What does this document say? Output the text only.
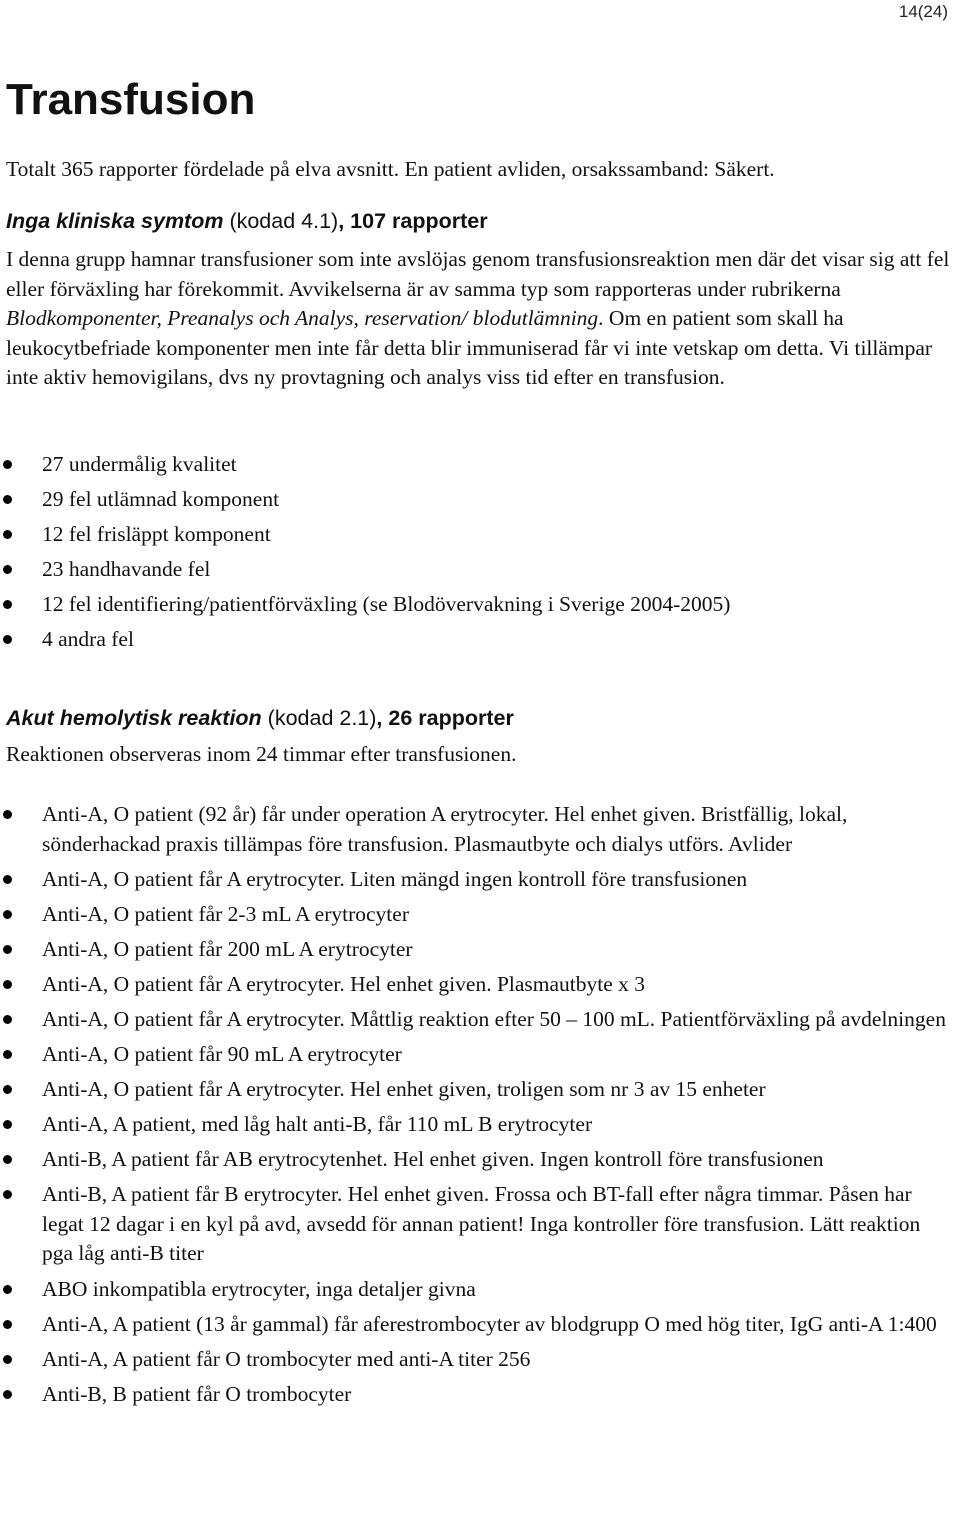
14(24)
Transfusion

Totalt 365 rapporter fördelade på elva avsnitt. En patient avliden, orsakssamband: Säkert.

Inga kliniska symtom (kodad 4.1), 107 rapporter

I denna grupp hamnar transfusioner som inte avslöjas genom transfusionsreaktion men där det visar sig att fel eller förväxling har förekommit. Avvikelserna är av samma typ som rapporteras under rubrikerna Blodkomponenter, Preanalys och Analys, reservation/ blodutlämning. Om en patient som skall ha leukocytbefriade komponenter men inte får detta blir immuniserad får vi inte vetskap om detta. Vi tillämpar inte aktiv hemovigilans, dvs ny provtagning och analys viss tid efter en transfusion.

27 undermålig kvalitet
29 fel utlämnad komponent
12 fel frisläppt komponent
23 handhavande fel
12 fel identifiering/patientförväxling (se Blodövervakning i Sverige 2004-2005)
4 andra fel
Akut hemolytisk reaktion (kodad 2.1), 26 rapporter

Reaktionen observeras inom 24 timmar efter transfusionen.

Anti-A, O patient (92 år) får under operation A erytrocyter. Hel enhet given. Bristfällig, lokal, sönderhackad praxis tillämpas före transfusion. Plasmautbyte och dialys utförs. Avlider
Anti-A, O patient får A erytrocyter. Liten mängd ingen kontroll före transfusionen
Anti-A, O patient får 2-3 mL A erytrocyter
Anti-A, O patient får 200 mL A erytrocyter
Anti-A, O patient får A erytrocyter. Hel enhet given. Plasmautbyte x 3
Anti-A, O patient får A erytrocyter. Måttlig reaktion efter 50 – 100 mL. Patientförväxling på avdelningen
Anti-A, O patient får 90 mL A erytrocyter
Anti-A, O patient får A erytrocyter. Hel enhet given, troligen som nr 3 av 15 enheter
Anti-A, A patient, med låg halt anti-B, får 110 mL B erytrocyter
Anti-B, A patient får AB erytrocytenhet. Hel enhet given. Ingen kontroll före transfusionen
Anti-B, A patient får B erytrocyter. Hel enhet given. Frossa och BT-fall efter några timmar. Påsen har legat 12 dagar i en kyl på avd, avsedd för annan patient! Inga kontroller före transfusion. Lätt reaktion pga låg anti-B titer
ABO inkompatibla erytrocyter, inga detaljer givna
Anti-A, A patient (13 år gammal) får aferestrombocyter av blodgrupp O med hög titer, IgG anti-A 1:400
Anti-A, A patient får O trombocyter med anti-A titer 256
Anti-B, B patient får O trombocyter
